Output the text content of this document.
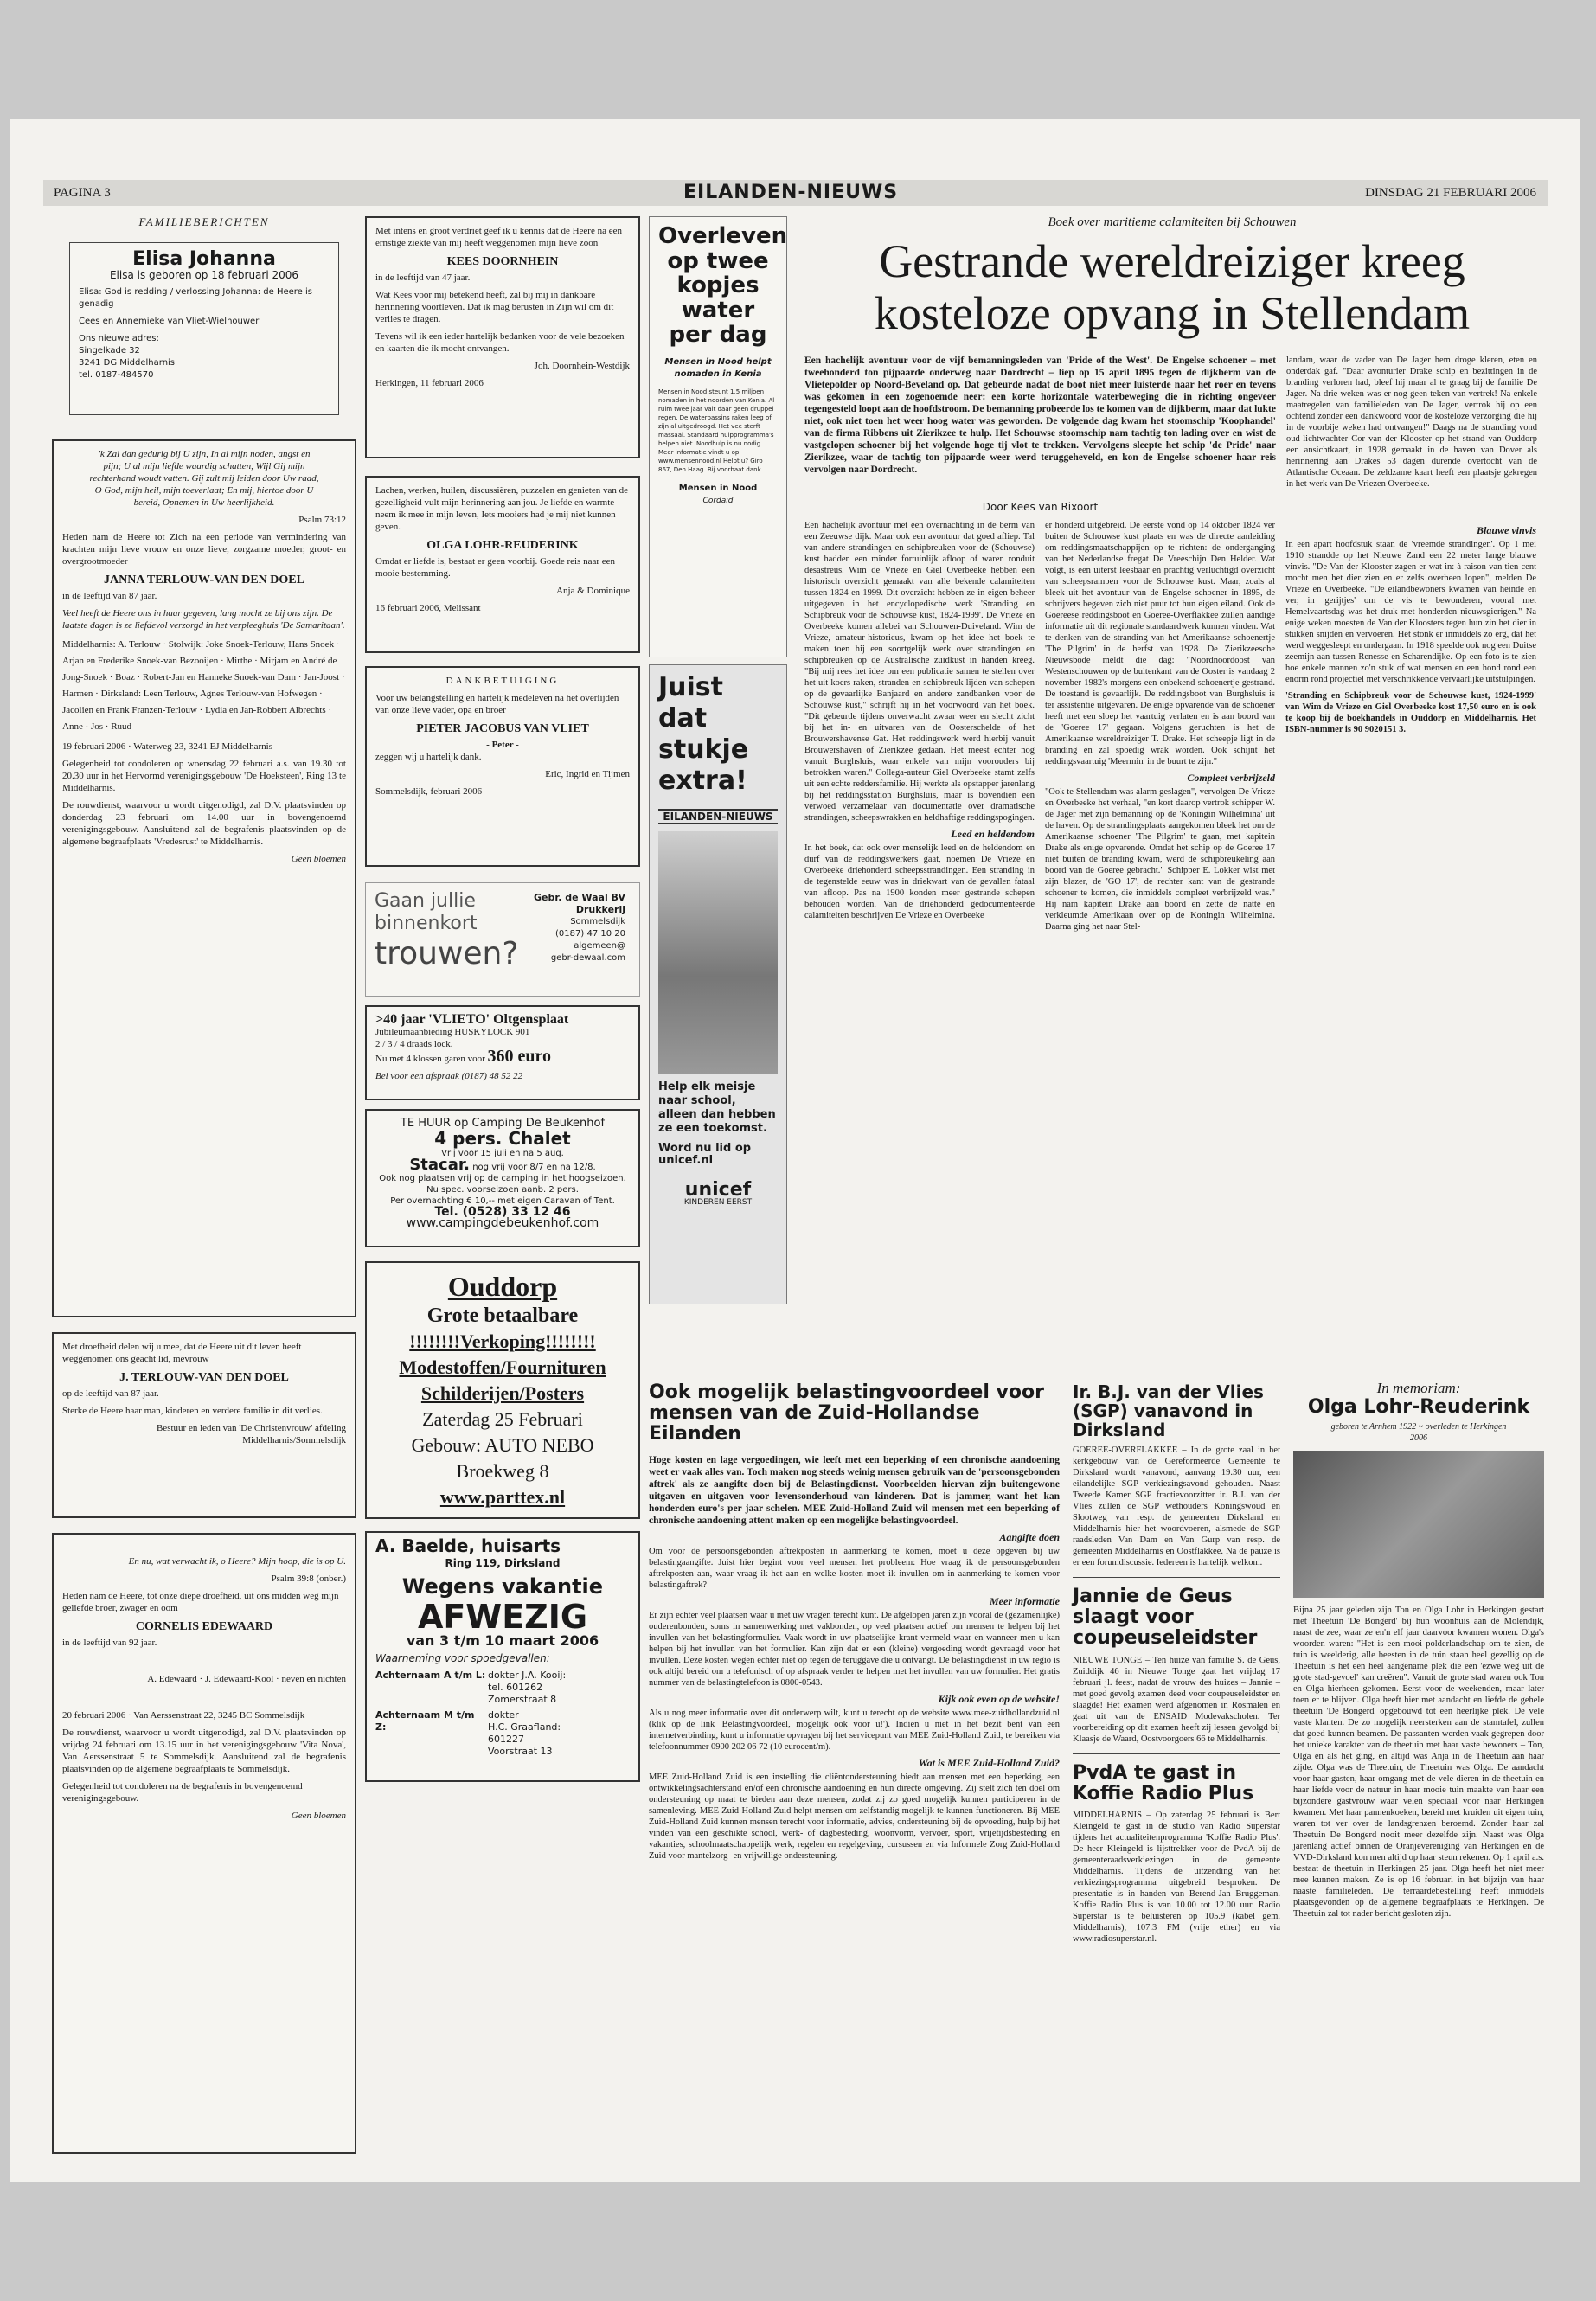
PAGINA 3	EILANDEN-NIEUWS	DINSDAG 21 FEBRUARI 2006
FAMILIEBERICHTEN
Elisa Johanna
Elisa is geboren op 18 februari 2006
Elisa: God is redding / verlossing Johanna: de Heere is genadig
Cees en Annemieke van Vliet-Wielhouwer
Ons nieuwe adres:
Singelkade 32
3241 DG Middelharnis
tel. 0187-484570

'k Zal dan gedurig bij U zijn, In al mijn noden, angst en pijn; U al mijn liefde waardig schatten, Wijl Gij mijn rechterhand woudt vatten. Gij zult mij leiden door Uw raad, O God, mijn heil, mijn toeverlaat; En mij, hiertoe door U bereid, Opnemen in Uw heerlijkheid.

Psalm 73:12

Heden nam de Heere tot Zich na een periode van vermindering van krachten mijn lieve vrouw en onze lieve, zorgzame moeder, groot- en overgrootmoeder

JANNA TERLOUW-VAN DEN DOEL

in de leeftijd van 87 jaar.

Veel heeft de Heere ons in haar gegeven, lang mocht ze bij ons zijn. De laatste dagen is ze liefdevol verzorgd in het verpleeghuis 'De Samaritaan'.

Middelharnis: A. Terlouw · Stolwijk: Joke Snoek-Terlouw, Hans Snoek · Arjan en Frederike Snoek-van Bezooijen · Mirthe · Mirjam en André de Jong-Snoek · Boaz · Robert-Jan en Hanneke Snoek-van Dam · Jan-Joost · Harmen · Dirksland: Leen Terlouw, Agnes Terlouw-van Hofwegen · Jacolien en Frank Franzen-Terlouw · Lydia en Jan-Robbert Albrechts · Anne · Jos · Ruud

19 februari 2006 · Waterweg 23, 3241 EJ Middelharnis

Gelegenheid tot condoleren op woensdag 22 februari a.s. van 19.30 tot 20.30 uur in het Hervormd verenigingsgebouw 'De Hoeksteen', Ring 13 te Middelharnis.

De rouwdienst, waarvoor u wordt uitgenodigd, zal D.V. plaatsvinden op donderdag 23 februari om 14.00 uur in bovengenoemd verenigingsgebouw. Aansluitend zal de begrafenis plaatsvinden op de algemene begraafplaats 'Vredesrust' te Middelharnis.

Geen bloemen

Met droefheid delen wij u mee, dat de Heere uit dit leven heeft weggenomen ons geacht lid, mevrouw

J. TERLOUW-VAN DEN DOEL

op de leeftijd van 87 jaar.

Sterke de Heere haar man, kinderen en verdere familie in dit verlies.

Bestuur en leden van 'De Christenvrouw' afdeling Middelharnis/Sommelsdijk

En nu, wat verwacht ik, o Heere? Mijn hoop, die is op U.

Psalm 39:8 (onber.)

Heden nam de Heere, tot onze diepe droefheid, uit ons midden weg mijn geliefde broer, zwager en oom

CORNELIS EDEWAARD

in de leeftijd van 92 jaar.

A. Edewaard · J. Edewaard-Kool · neven en nichten

20 februari 2006 · Van Aerssenstraat 22, 3245 BC Sommelsdijk

De rouwdienst, waarvoor u wordt uitgenodigd, zal D.V. plaatsvinden op vrijdag 24 februari om 13.15 uur in het verenigingsgebouw 'Vita Nova', Van Aerssenstraat 5 te Sommelsdijk. Aansluitend zal de begrafenis plaatsvinden op de algemene begraafplaats te Sommelsdijk.

Gelegenheid tot condoleren na de begrafenis in bovengenoemd verenigingsgebouw.

Geen bloemen

Met intens en groot verdriet geef ik u kennis dat de Heere na een ernstige ziekte van mij heeft weggenomen mijn lieve zoon

KEES DOORNHEIN

in de leeftijd van 47 jaar.

Wat Kees voor mij betekend heeft, zal bij mij in dankbare herinnering voortleven. Dat ik mag berusten in Zijn wil om dit verlies te dragen.

Tevens wil ik een ieder hartelijk bedanken voor de vele bezoeken en kaarten die ik mocht ontvangen.

Joh. Doornhein-Westdijk

Herkingen, 11 februari 2006

Lachen, werken, huilen, discussiëren, puzzelen en genieten van de gezelligheid vult mijn herinnering aan jou. Je liefde en warmte neem ik mee in mijn leven, Iets mooiers had je mij niet kunnen geven.

OLGA LOHR-REUDERINK

Omdat er liefde is, bestaat er geen voorbij. Goede reis naar een mooie bestemming.

Anja & Dominique

16 februari 2006, Melissant

DANKBETUIGING

Voor uw belangstelling en hartelijk medeleven na het overlijden van onze lieve vader, opa en broer

PIETER JACOBUS VAN VLIET
- Peter -

zeggen wij u hartelijk dank.

Eric, Ingrid en Tijmen

Sommelsdijk, februari 2006

Gaan jullie
binnenkort
trouwen?
Gebr. de Waal BV Drukkerij
Sommelsdijk
(0187) 47 10 20
algemeen@
gebr-dewaal.com
>40 jaar 'VLIETO' Oltgensplaat
Jubileumaanbieding HUSKYLOCK 901
2 / 3 / 4 draads lock.
Nu met 4 klossen garen voor 360 euro
Bel voor een afspraak (0187) 48 52 22
TE HUUR op Camping De Beukenhof
4 pers. Chalet
Vrij voor 15 juli en na 5 aug.
Stacar. nog vrij voor 8/7 en na 12/8.
Ook nog plaatsen vrij op de camping in het hoogseizoen.
Nu spec. voorseizoen aanb. 2 pers.
Per overnachting € 10,-- met eigen Caravan of Tent.
Tel. (0528) 33 12 46
www.campingdebeukenhof.com
Ouddorp
Grote betaalbare
!!!!!!!!Verkoping!!!!!!!!
Modestoffen/Fournituren
Schilderijen/Posters
Zaterdag 25 Februari
Gebouw: AUTO NEBO
Broekweg 8
www.parttex.nl
A. Baelde, huisarts
Ring 119, Dirksland
Wegens vakantie
AFWEZIG
van 3 t/m 10 maart 2006
Waarneming voor spoedgevallen:
Achternaam A t/m L: dokter J.A. Kooij:
tel. 601262
Zomerstraat 8
Achternaam M t/m Z:
dokter
H.C. Graafland:
601227
Voorstraat 13
Overleven op twee kopjes water per dag
Mensen in Nood helpt nomaden in Kenia
Mensen in Nood steunt 1,5 miljoen nomaden in het noorden van Kenia. Al ruim twee jaar valt daar geen druppel regen. De waterbassins raken leeg of zijn al uitgedroogd. Het vee sterft massaal. Standaard hulpprogramma's helpen niet. Noodhulp is nu nodig. Meer informatie vindt u op www.mensennood.nl Helpt u? Giro 867, Den Haag. Bij voorbaat dank.
Mensen in Nood
Cordaid
Juist dat stukje extra!
EILANDEN-NIEUWS
Help elk meisje naar school, alleen dan hebben ze een toekomst.
Word nu lid op unicef.nl
unicef
KINDEREN EERST
Boek over maritieme calamiteiten bij Schouwen
Gestrande wereldreiziger kreeg
kosteloze opvang in Stellendam
Een hachelijk avontuur voor de vijf bemanningsleden van 'Pride of the West'. De Engelse schoener – met tweehonderd ton pijpaarde onderweg naar Dordrecht – liep op 15 april 1895 tegen de dijkberm van de Vlietepolder op Noord-Beveland op. Dat gebeurde nadat de boot niet meer luisterde naar het roer en tevens was gekomen in een zogenoemde neer: een korte horizontale waterbeweging die in richting ongeveer tegengesteld loopt aan de hoofdstroom. De bemanning probeerde los te komen van de dijkberm, maar dat lukte niet, ook niet toen het weer hoog water was geworden. De volgende dag kwam het stoomschip 'Koophandel' van de firma Ribbens uit Zierikzee te hulp. Het Schouwse stoomschip nam tachtig ton lading over en wist de vastgelopen schoener bij het volgende hoge tij vlot te trekken. Vervolgens sleepte het schip 'de Pride' naar Zierikzee, waar de tachtig ton pijpaarde weer werd teruggeheveld, en kon de Engelse schoener haar reis vervolgen naar Dordrecht.
landam, waar de vader van De Jager hem droge kleren, eten en onderdak gaf. "Daar avonturier Drake schip en bezittingen in de branding verloren had, bleef hij maar al te graag bij de familie De Jager. Na drie weken was er nog geen teken van vertrek! Na enkele maatregelen van familieleden van De Jager, vertrok hij op een ochtend zonder een dankwoord voor de kosteloze verzorging die hij in de voorbije weken had ontvangen!" Daags na de stranding vond oud-lichtwachter Cor van der Klooster op het strand van Ouddorp een ansichtkaart, in 1928 gemaakt in de haven van Dover als herinnering aan Drakes 53 dagen durende overtocht van de Atlantische Oceaan. De zeldzame kaart heeft een plaatsje gekregen in het werk van De Vriezen Overbeeke.
Door Kees van Rixoort

Een hachelijk avontuur met een overnachting in de berm van een Zeeuwse dijk. Maar ook een avontuur dat goed afliep. Tal van andere strandingen en schipbreuken voor de (Schouwse) kust hadden een minder fortuinlijk afloop of waren ronduit desastreus. Wim de Vrieze en Giel Overbeeke hebben een historisch overzicht gemaakt van alle bekende calamiteiten tussen 1824 en 1999. Dit overzicht hebben ze in eigen beheer uitgegeven in het encyclopedische werk 'Stranding en Schipbreuk voor de Schouwse kust, 1824-1999'. De Vrieze en Overbeeke komen allebei van Schouwen-Duiveland. Wim de Vrieze, amateur-historicus, kwam op het idee het boek te maken toen hij een soortgelijk werk over strandingen en schipbreuken op de Australische zuidkust in handen kreeg. "Bij mij rees het idee om een publicatie samen te stellen over het uit koers raken, stranden en schipbreuk lijden van schepen op de gevaarlijke Banjaard en andere zandbanken voor de Schouwse kust," schrijft hij in het voorwoord van het boek. "Dit gebeurde tijdens onverwacht zwaar weer en slecht zicht bij het in- en uitvaren van de Oosterschelde of het Brouwershavense Gat. Het reddingswerk werd hierbij vanuit Brouwershaven of Zierikzee gedaan. Het meest echter nog vanuit Burghsluis, waar enkele van mijn voorouders bij betrokken waren." Collega-auteur Giel Overbeeke stamt zelfs uit een echte reddersfamilie. Hij werkte als opstapper jarenlang bij het reddingsstation Burghsluis, maar is bovendien een verwoed verzamelaar van documentatie over dramatische strandingen, scheepswrakken en heldhaftige reddingspogingen.

Leed en heldendom

In het boek, dat ook over menselijk leed en de heldendom en durf van de reddingswerkers gaat, noemen De Vrieze en Overbeeke driehonderd scheepsstrandingen. Een stranding in de tegenstelde eeuw was in driekwart van de gevallen fataal van afloop. Pas na 1900 konden meer gestrande schepen behouden worden. Van de driehonderd gedocumenteerde calamiteiten beschrijven De Vrieze en Overbeeke

er honderd uitgebreid. De eerste vond op 14 oktober 1824 ver buiten de Schouwse kust plaats en was de directe aanleiding om reddingsmaatschappijen op te richten: de onderganging van het Nederlandse fregat De Vreeschijn Den Helder. Wat volgt, is een uiterst leesbaar en prachtig verluchtigd overzicht van scheepsrampen voor de Schouwse kust. Maar, zoals al bleek uit het avontuur van de Engelse schoener in 1895, de schrijvers begeven zich niet puur tot hun eigen eiland. Ook de Goereese reddingsboot en Goeree-Overflakkee zullen aandige informatie uit dit regionale standaardwerk kunnen vinden. Wat te denken van de stranding van het Amerikaanse schoenertje 'The Pilgrim' in de herfst van 1928. De Zierikzeesche Nieuwsbode meldt die dag: "Noordnoordoost van Westenschouwen op de buitenkant van de Ooster is vandaag 2 november 1982's morgens een onbekend schoenertje gestrand. De toestand is gevaarlijk. De reddingsboot van Burghsluis is ter assistentie uitgevaren. De enige opvarende van de schoener heeft met een sloep het vaartuig verlaten en is aan boord van de 'Goeree 17' gegaan. Volgens geruchten is het de Amerikaanse wereldreiziger T. Drake. Het scheepje ligt in de branding en zal spoedig wrak worden. Ook schijnt het reddingsvaartuig 'Meermin' in de buurt te zijn."

Compleet verbrijzeld

"Ook te Stellendam was alarm geslagen", vervolgen De Vrieze en Overbeeke het verhaal, "en kort daarop vertrok schipper W. de Jager met zijn bemanning op de 'Koningin Wilhelmina' uit de haven. Op de strandingsplaats aangekomen bleek het om de Amerikaanse schoener 'The Pilgrim' te gaan, met kapitein Drake als enige opvarende. Omdat het schip op de Goeree 17 niet buiten de branding kwam, werd de schipbreukeling aan boord van de Goeree gebracht." Schipper E. Lokker wist met zijn blazer, de 'GO 17', de rechter kant van de gestrande schoener te komen, die inmiddels compleet verbrijzeld was." Hij nam kapitein Drake aan boord en zette de natte en verkleumde Amerikaan over op de Koningin Wilhelmina. Daarna ging het naar Stel-

Blauwe vinvis

In een apart hoofdstuk staan de 'vreemde strandingen'. Op 1 mei 1910 strandde op het Nieuwe Zand een 22 meter lange blauwe vinvis. "De Van der Klooster zagen er wat in: à raison van tien cent mocht men het dier zien en er zelfs overheen lopen", melden De Vrieze en Overbeeke. "De eilandbewoners kwamen van heinde en ver, in 'gerijtjes' om de vis te bewonderen, vooral met Hemelvaartsdag was het druk met honderden nieuwsgierigen." Na enige weken moesten de Van der Kloosters tegen hun zin het dier in stukken snijden en vervoeren. Het stonk er inmiddels zo erg, dat het werd weggesleept en ondergaan. In 1918 speelde ook nog een Duitse zeemijn aan tussen Renesse en Scharendijke. Op een foto is te zien hoe enkele mannen zo'n stuk of wat mensen en een hond rond een enorm rond projectiel met verschrikkende vervaarlijke uitstulpingen.

'Stranding en Schipbreuk voor de Schouwse kust, 1924-1999' van Wim de Vrieze en Giel Overbeeke kost 17,50 euro en is ook te koop bij de boekhandels in Ouddorp en Middelharnis. Het ISBN-nummer is 90 9020151 3.

Ook mogelijk belastingvoordeel voor mensen van de Zuid-Hollandse Eilanden

Hoge kosten en lage vergoedingen, wie leeft met een beperking of een chronische aandoening weet er vaak alles van. Toch maken nog steeds weinig mensen gebruik van de 'persoonsgebonden aftrek' als ze aangifte doen bij de Belastingdienst. Voorbeelden hiervan zijn buitengewone uitgaven en uitgaven voor levensonderhoud van kinderen. Dat is jammer, want het kan honderden euro's per jaar schelen. MEE Zuid-Holland Zuid wil mensen met een beperking of chronische aandoening attent maken op een mogelijke belastingvoordeel.

Aangifte doen

Om voor de persoonsgebonden aftrekposten in aanmerking te komen, moet u deze opgeven bij uw belastingaangifte. Juist hier begint voor veel mensen het probleem: Hoe vraag ik de persoonsgebonden aftrekposten aan, waar vraag ik het aan en welke kosten moet ik invullen om in aanmerking te komen voor belastingaftrek?

Meer informatie

Er zijn echter veel plaatsen waar u met uw vragen terecht kunt. De afgelopen jaren zijn vooral de (gezamenlijke) ouderenbonden, soms in samenwerking met vakbonden, op veel plaatsen actief om mensen te helpen bij het invullen van het belastingformulier. Vaak wordt in uw plaatselijke krant vermeld waar en wanneer men u kan helpen bij het invullen van het formulier. Kan zijn dat er een (kleine) vergoeding wordt gevraagd voor het invullen. Deze kosten wegen echter niet op tegen de teruggave die u ontvangt. De belastingdienst in uw regio is ook altijd bereid om u telefonisch of op afspraak verder te helpen met het invullen van uw formulier. Het gratis nummer van de belastingtelefoon is 0800-0543.

Kijk ook even op de website!

Als u nog meer informatie over dit onderwerp wilt, kunt u terecht op de website www.mee-zuidhollandzuid.nl (klik op de link 'Belastingvoordeel, mogelijk ook voor u!'). Indien u niet in het bezit bent van een internetverbinding, kunt u informatie opvragen bij het servicepunt van MEE Zuid-Holland Zuid, te bereiken via telefoonnummer 0900 202 06 72 (10 eurocent/m).

Wat is MEE Zuid-Holland Zuid?

MEE Zuid-Holland Zuid is een instelling die cliëntondersteuning biedt aan mensen met een beperking, een ontwikkelingsachterstand en/of een chronische aandoening en hun directe omgeving. Zij stelt zich ten doel om ondersteuning op maat te bieden aan deze mensen, zodat zij zo goed mogelijk kunnen participeren in de samenleving. MEE Zuid-Holland Zuid helpt mensen om zelfstandig mogelijk te kunnen functioneren. Bij MEE Zuid-Holland Zuid kunnen mensen terecht voor informatie, advies, ondersteuning bij de opvoeding, hulp bij het vinden van een geschikte school, werk- of dagbesteding, woonvorm, vervoer, sport, vrijetijdsbesteding en vakanties, schoolmaatschappelijk werk, regelen en regelgeving, cursussen en via Informele Zorg Zuid-Holland Zuid voor mantelzorg- en vrijwillige ondersteuning.

Ir. B.J. van der Vlies (SGP) vanavond in Dirksland

GOEREE-OVERFLAKKEE – In de grote zaal in het kerkgebouw van de Gereformeerde Gemeente te Dirksland wordt vanavond, aanvang 19.30 uur, een eilandelijke SGP verkiezingsavond gehouden. Naast Tweede Kamer SGP fractievoorzitter ir. B.J. van der Vlies zullen de SGP wethouders Koningswoud en Slootweg van resp. de gemeenten Dirksland en Middelharnis hier het woordvoeren, alsmede de SGP raadsleden Van Dam en Van Gurp van resp. de gemeenten Middelharnis en Oostflakkee. Na de pauze is er een forumdiscussie. Iedereen is hartelijk welkom.

Jannie de Geus slaagt voor coupeuseleidster

NIEUWE TONGE – Ten huize van familie S. de Geus, Zuiddijk 46 in Nieuwe Tonge gaat het vrijdag 17 februari jl. feest, nadat de vrouw des huizes – Jannie – met goed gevolg examen deed voor coupeuseleidster en slaagde! Het examen werd afgenomen in Rosmalen en gaat uit van de ENSAID Modevakscholen. Ter voorbereiding op dit examen heeft zij lessen gevolgd bij Klaasje de Waard, Oostvoorgoers 66 te Middelharnis.

PvdA te gast in Koffie Radio Plus

MIDDELHARNIS – Op zaterdag 25 februari is Bert Kleingeld te gast in de studio van Radio Superstar tijdens het actualiteitenprogramma 'Koffie Radio Plus'. De heer Kleingeld is lijsttrekker voor de PvdA bij de gemeenteraadsverkiezingen in de gemeente Middelharnis. Tijdens de uitzending van het verkiezingsprogramma uitgebreid besproken. De presentatie is in handen van Berend-Jan Bruggeman. Koffie Radio Plus is van 10.00 tot 12.00 uur. Radio Superstar is te beluisteren op 105.9 (kabel gem. Middelharnis), 107.3 FM (vrije ether) en via www.radiosuperstar.nl.

In memoriam:
Olga Lohr-Reuderink
geboren te Arnhem 1922 ~ overleden te Herkingen 2006

Bijna 25 jaar geleden zijn Ton en Olga Lohr in Herkingen gestart met Theetuin 'De Bongerd' bij hun woonhuis aan de Molendijk, naast de zee, waar ze en'n elf jaar daarvoor kwamen wonen. Olga's woorden waren: "Het is een mooi polderlandschap om te zien, de tuin is weelderig, alle beesten in de tuin staan heel gezellig op de Theetuin is het een heel aangename plek die een 'ezwe weg uit de grote stad-gevoel' kan creëren". Vanuit de grote stad waren ook Ton en Olga hierheen gekomen. Eerst voor de weekenden, maar later toen er te blijven. Olga heeft hier met aandacht en liefde de gehele theetuin 'De Bongerd' opgebouwd tot een heerlijke plek. De vele vaste klanten. De zo mogelijk neersterken aan de stamtafel, zullen dat goed kunnen beamen. De passanten werden vaak gegrepen door het unieke karakter van de theetuin met haar vaste bewoners – Ton, Olga en als het ging, en altijd was Anja in de Theetuin aan haar zijde. Olga was de Theetuin, de Theetuin was Olga. De aandacht voor haar gasten, haar omgang met de vele dieren in de theetuin en haar liefde voor de natuur in haar mooie tuin maakte van haar een bijzondere gastvrouw waar velen speciaal voor naar Herkingen kwamen. Met haar pannenkoeken, bereid met kruiden uit eigen tuin, waren tot ver over de landsgrenzen beroemd. Zonder haar zal Theetuin De Bongerd nooit meer dezelfde zijn. Naast was Olga jarenlang actief binnen de Oranjevereniging van Herkingen en de VVD-Dirksland kon men altijd op haar steun rekenen. Op 1 april a.s. bestaat de theetuin in Herkingen 25 jaar. Olga heeft het niet meer mee kunnen maken. Ze is op 16 februari in het bijzijn van haar naaste familieleden. De terraardebestelling heeft inmiddels plaatsgevonden op de algemene begraafplaats te Herkingen. De Theetuin zal tot nader bericht gesloten zijn.
